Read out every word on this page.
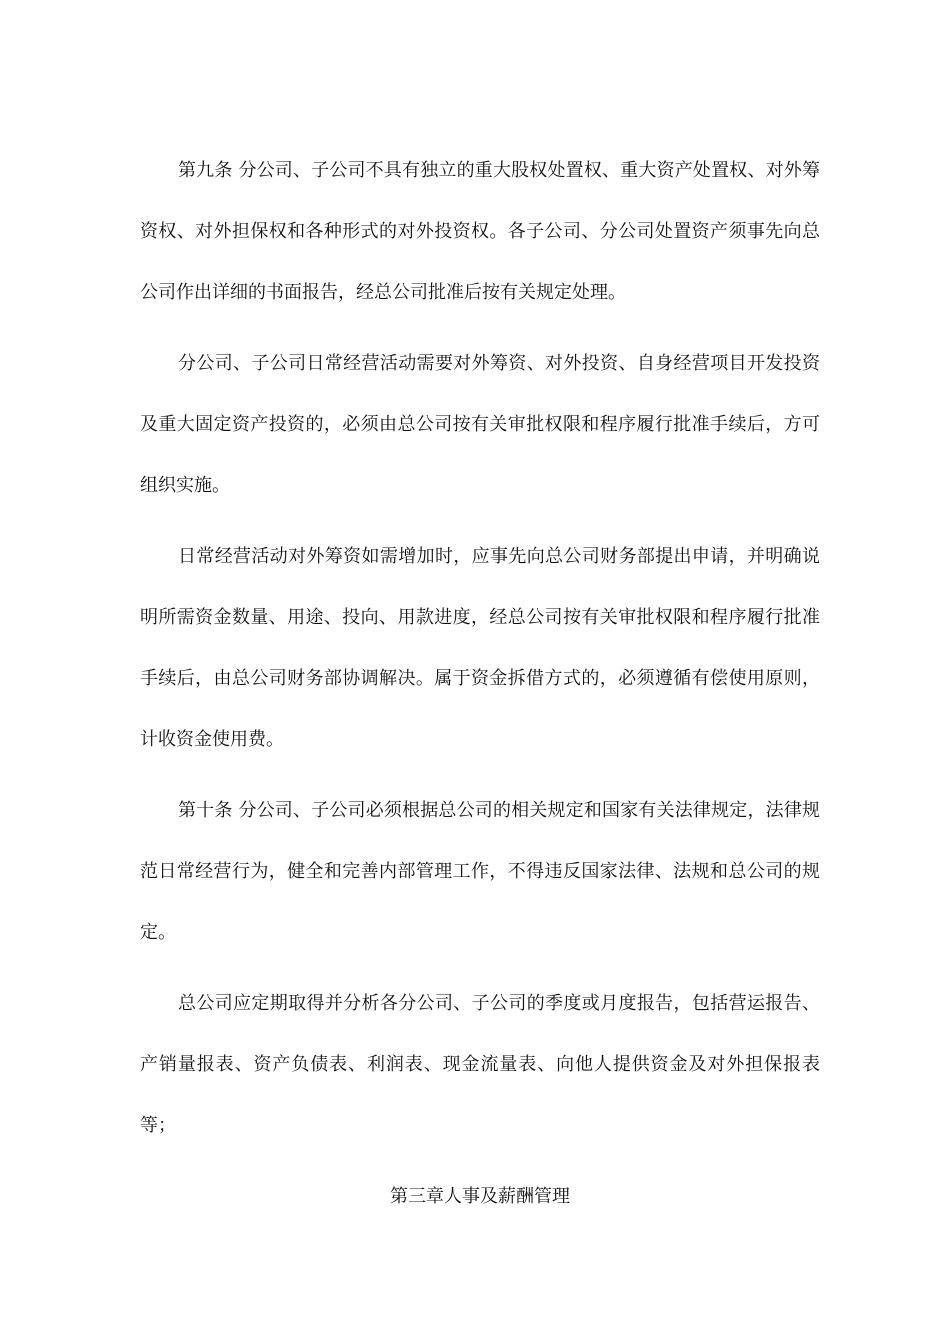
第九条 分公司、子公司不具有独立的重大股权处置权、重大资产处置权、对外筹资权、对外担保权和各种形式的对外投资权。各子公司、分公司处置资产须事先向总公司作出详细的书面报告，经总公司批准后按有关规定处理。

分公司、子公司日常经营活动需要对外筹资、对外投资、自身经营项目开发投资及重大固定资产投资的，必须由总公司按有关审批权限和程序履行批准手续后，方可组织实施。

日常经营活动对外筹资如需增加时，应事先向总公司财务部提出申请，并明确说明所需资金数量、用途、投向、用款进度，经总公司按有关审批权限和程序履行批准手续后，由总公司财务部协调解决。属于资金拆借方式的，必须遵循有偿使用原则，计收资金使用费。

第十条 分公司、子公司必须根据总公司的相关规定和国家有关法律规定，法律规范日常经营行为，健全和完善内部管理工作，不得违反国家法律、法规和总公司的规定。

总公司应定期取得并分析各分公司、子公司的季度或月度报告，包括营运报告、产销量报表、资产负债表、利润表、现金流量表、向他人提供资金及对外担保报表等；

第三章人事及薪酬管理
